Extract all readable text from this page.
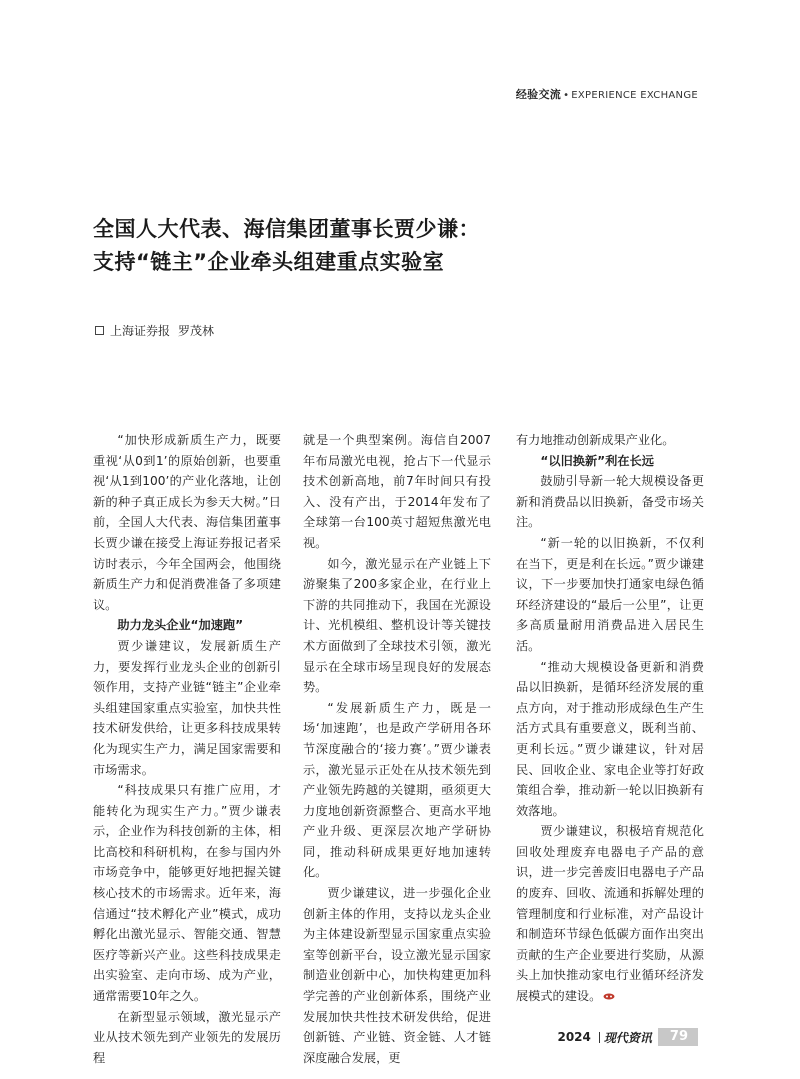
经验交流 • EXPERIENCE EXCHANGE
全国人大代表、海信集团董事长贾少谦：
支持“链主”企业牵头组建重点实验室
上海证券报 罗茂林

“加快形成新质生产力，既要重视‘从0到1’的原始创新，也要重视‘从1到100’的产业化落地，让创新的种子真正成长为参天大树。”日前，全国人大代表、海信集团董事长贾少谦在接受上海证券报记者采访时表示，今年全国两会，他围绕新质生产力和促消费准备了多项建议。

助力龙头企业“加速跑”

贾少谦建议，发展新质生产力，要发挥行业龙头企业的创新引领作用，支持产业链“链主”企业牵头组建国家重点实验室，加快共性技术研发供给，让更多科技成果转化为现实生产力，满足国家需要和市场需求。

“科技成果只有推广应用，才能转化为现实生产力。”贾少谦表示，企业作为科技创新的主体，相比高校和科研机构，在参与国内外市场竞争中，能够更好地把握关键核心技术的市场需求。近年来，海信通过“技术孵化产业”模式，成功孵化出激光显示、智能交通、智慧医疗等新兴产业。这些科技成果走出实验室、走向市场、成为产业，通常需要10年之久。

在新型显示领域，激光显示产业从技术领先到产业领先的发展历程

就是一个典型案例。海信自2007年布局激光电视，抢占下一代显示技术创新高地，前7年时间只有投入、没有产出，于2014年发布了全球第一台100英寸超短焦激光电视。

如今，激光显示在产业链上下游聚集了200多家企业，在行业上下游的共同推动下，我国在光源设计、光机模组、整机设计等关键技术方面做到了全球技术引领，激光显示在全球市场呈现良好的发展态势。

“发展新质生产力，既是一场‘加速跑’，也是政产学研用各环节深度融合的‘接力赛’。”贾少谦表示，激光显示正处在从技术领先到产业领先跨越的关键期，亟须更大力度地创新资源整合、更高水平地产业升级、更深层次地产学研协同，推动科研成果更好地加速转化。

贾少谦建议，进一步强化企业创新主体的作用，支持以龙头企业为主体建设新型显示国家重点实验室等创新平台，设立激光显示国家制造业创新中心，加快构建更加科学完善的产业创新体系，围绕产业发展加快共性技术研发供给，促进创新链、产业链、资金链、人才链深度融合发展，更

有力地推动创新成果产业化。

“以旧换新”利在长远

鼓励引导新一轮大规模设备更新和消费品以旧换新，备受市场关注。

“新一轮的以旧换新，不仅利在当下，更是利在长远。”贾少谦建议，下一步要加快打通家电绿色循环经济建设的“最后一公里”，让更多高质量耐用消费品进入居民生活。

“推动大规模设备更新和消费品以旧换新，是循环经济发展的重点方向，对于推动形成绿色生产生活方式具有重要意义，既利当前、更利长远。”贾少谦建议，针对居民、回收企业、家电企业等打好政策组合拳，推动新一轮以旧换新有效落地。

贾少谦建议，积极培育规范化回收处理废弃电器电子产品的意识，进一步完善废旧电器电子产品的废弃、回收、流通和拆解处理的管理制度和行业标准，对产品设计和制造环节绿色低碳方面作出突出贡献的生产企业要进行奖励，从源头上加快推动家电行业循环经济发展模式的建设。

2024 现代资讯	79
